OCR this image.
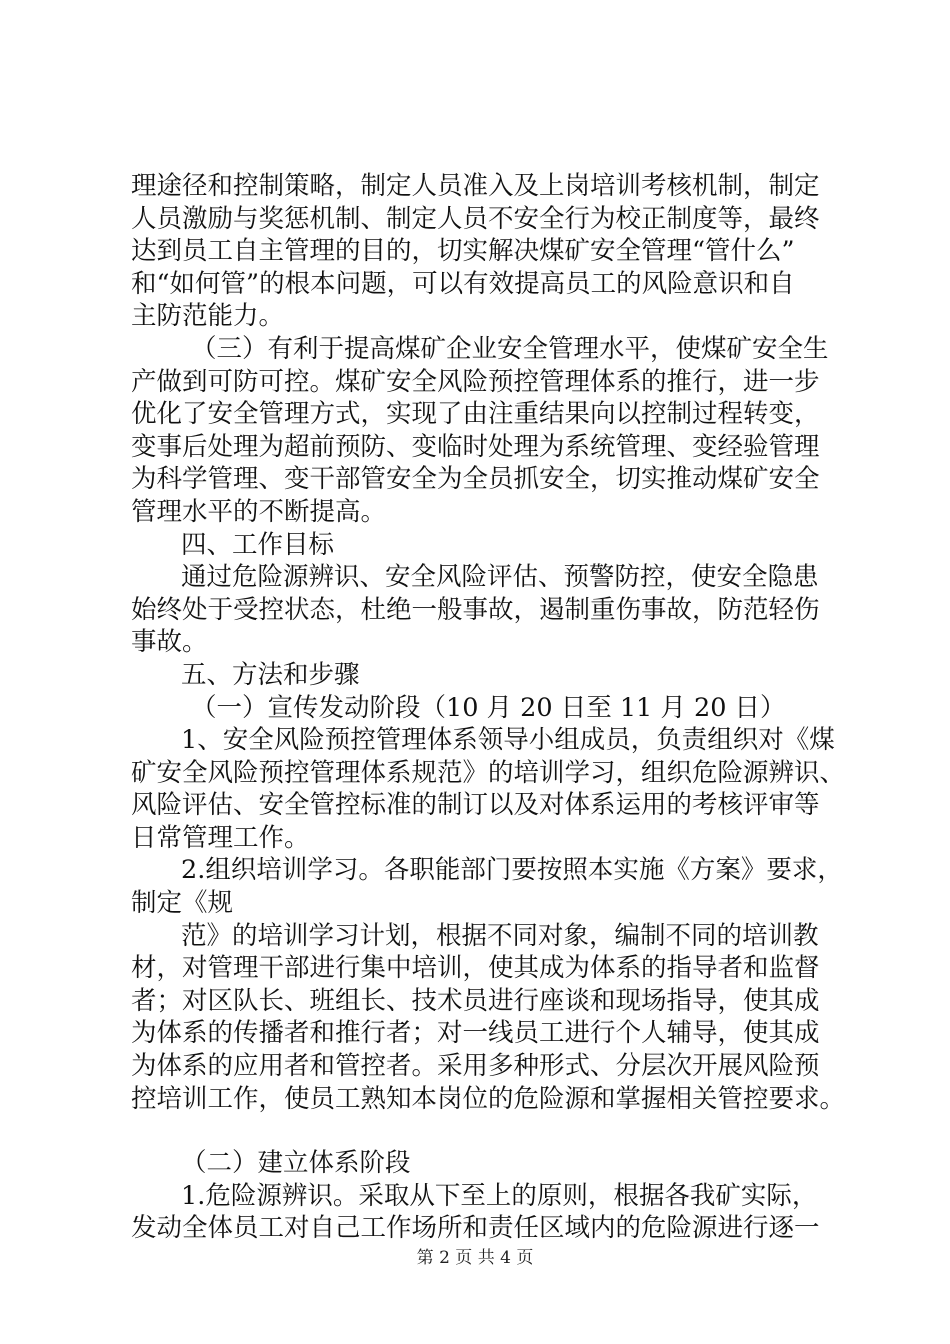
理途径和控制策略，制定人员准入及上岗培训考核机制，制定
人员激励与奖惩机制、制定人员不安全行为校正制度等，最终
达到员工自主管理的目的，切实解决煤矿安全管理“管什么”
和“如何管”的根本问题，可以有效提高员工的风险意识和自
主防范能力。
（三）有利于提高煤矿企业安全管理水平，使煤矿安全生
产做到可防可控。煤矿安全风险预控管理体系的推行，进一步
优化了安全管理方式，实现了由注重结果向以控制过程转变，
变事后处理为超前预防、变临时处理为系统管理、变经验管理
为科学管理、变干部管安全为全员抓安全，切实推动煤矿安全
管理水平的不断提高。
四、工作目标
通过危险源辨识、安全风险评估、预警防控，使安全隐患
始终处于受控状态，杜绝一般事故，遏制重伤事故，防范轻伤
事故。
五、方法和步骤
（一）宣传发动阶段（10 月 20 日至 11 月 20 日）
1、安全风险预控管理体系领导小组成员，负责组织对《煤
矿安全风险预控管理体系规范》的培训学习，组织危险源辨识、
风险评估、安全管控标准的制订以及对体系运用的考核评审等
日常管理工作。
2.组织培训学习。各职能部门要按照本实施《方案》要求，
制定《规
范》的培训学习计划，根据不同对象，编制不同的培训教
材，对管理干部进行集中培训，使其成为体系的指导者和监督
者；对区队长、班组长、技术员进行座谈和现场指导，使其成
为体系的传播者和推行者；对一线员工进行个人辅导，使其成
为体系的应用者和管控者。采用多种形式、分层次开展风险预
控培训工作，使员工熟知本岗位的危险源和掌握相关管控要求。
（二）建立体系阶段
1.危险源辨识。采取从下至上的原则，根据各我矿实际，
发动全体员工对自己工作场所和责任区域内的危险源进行逐一
第 2 页 共 4 页
